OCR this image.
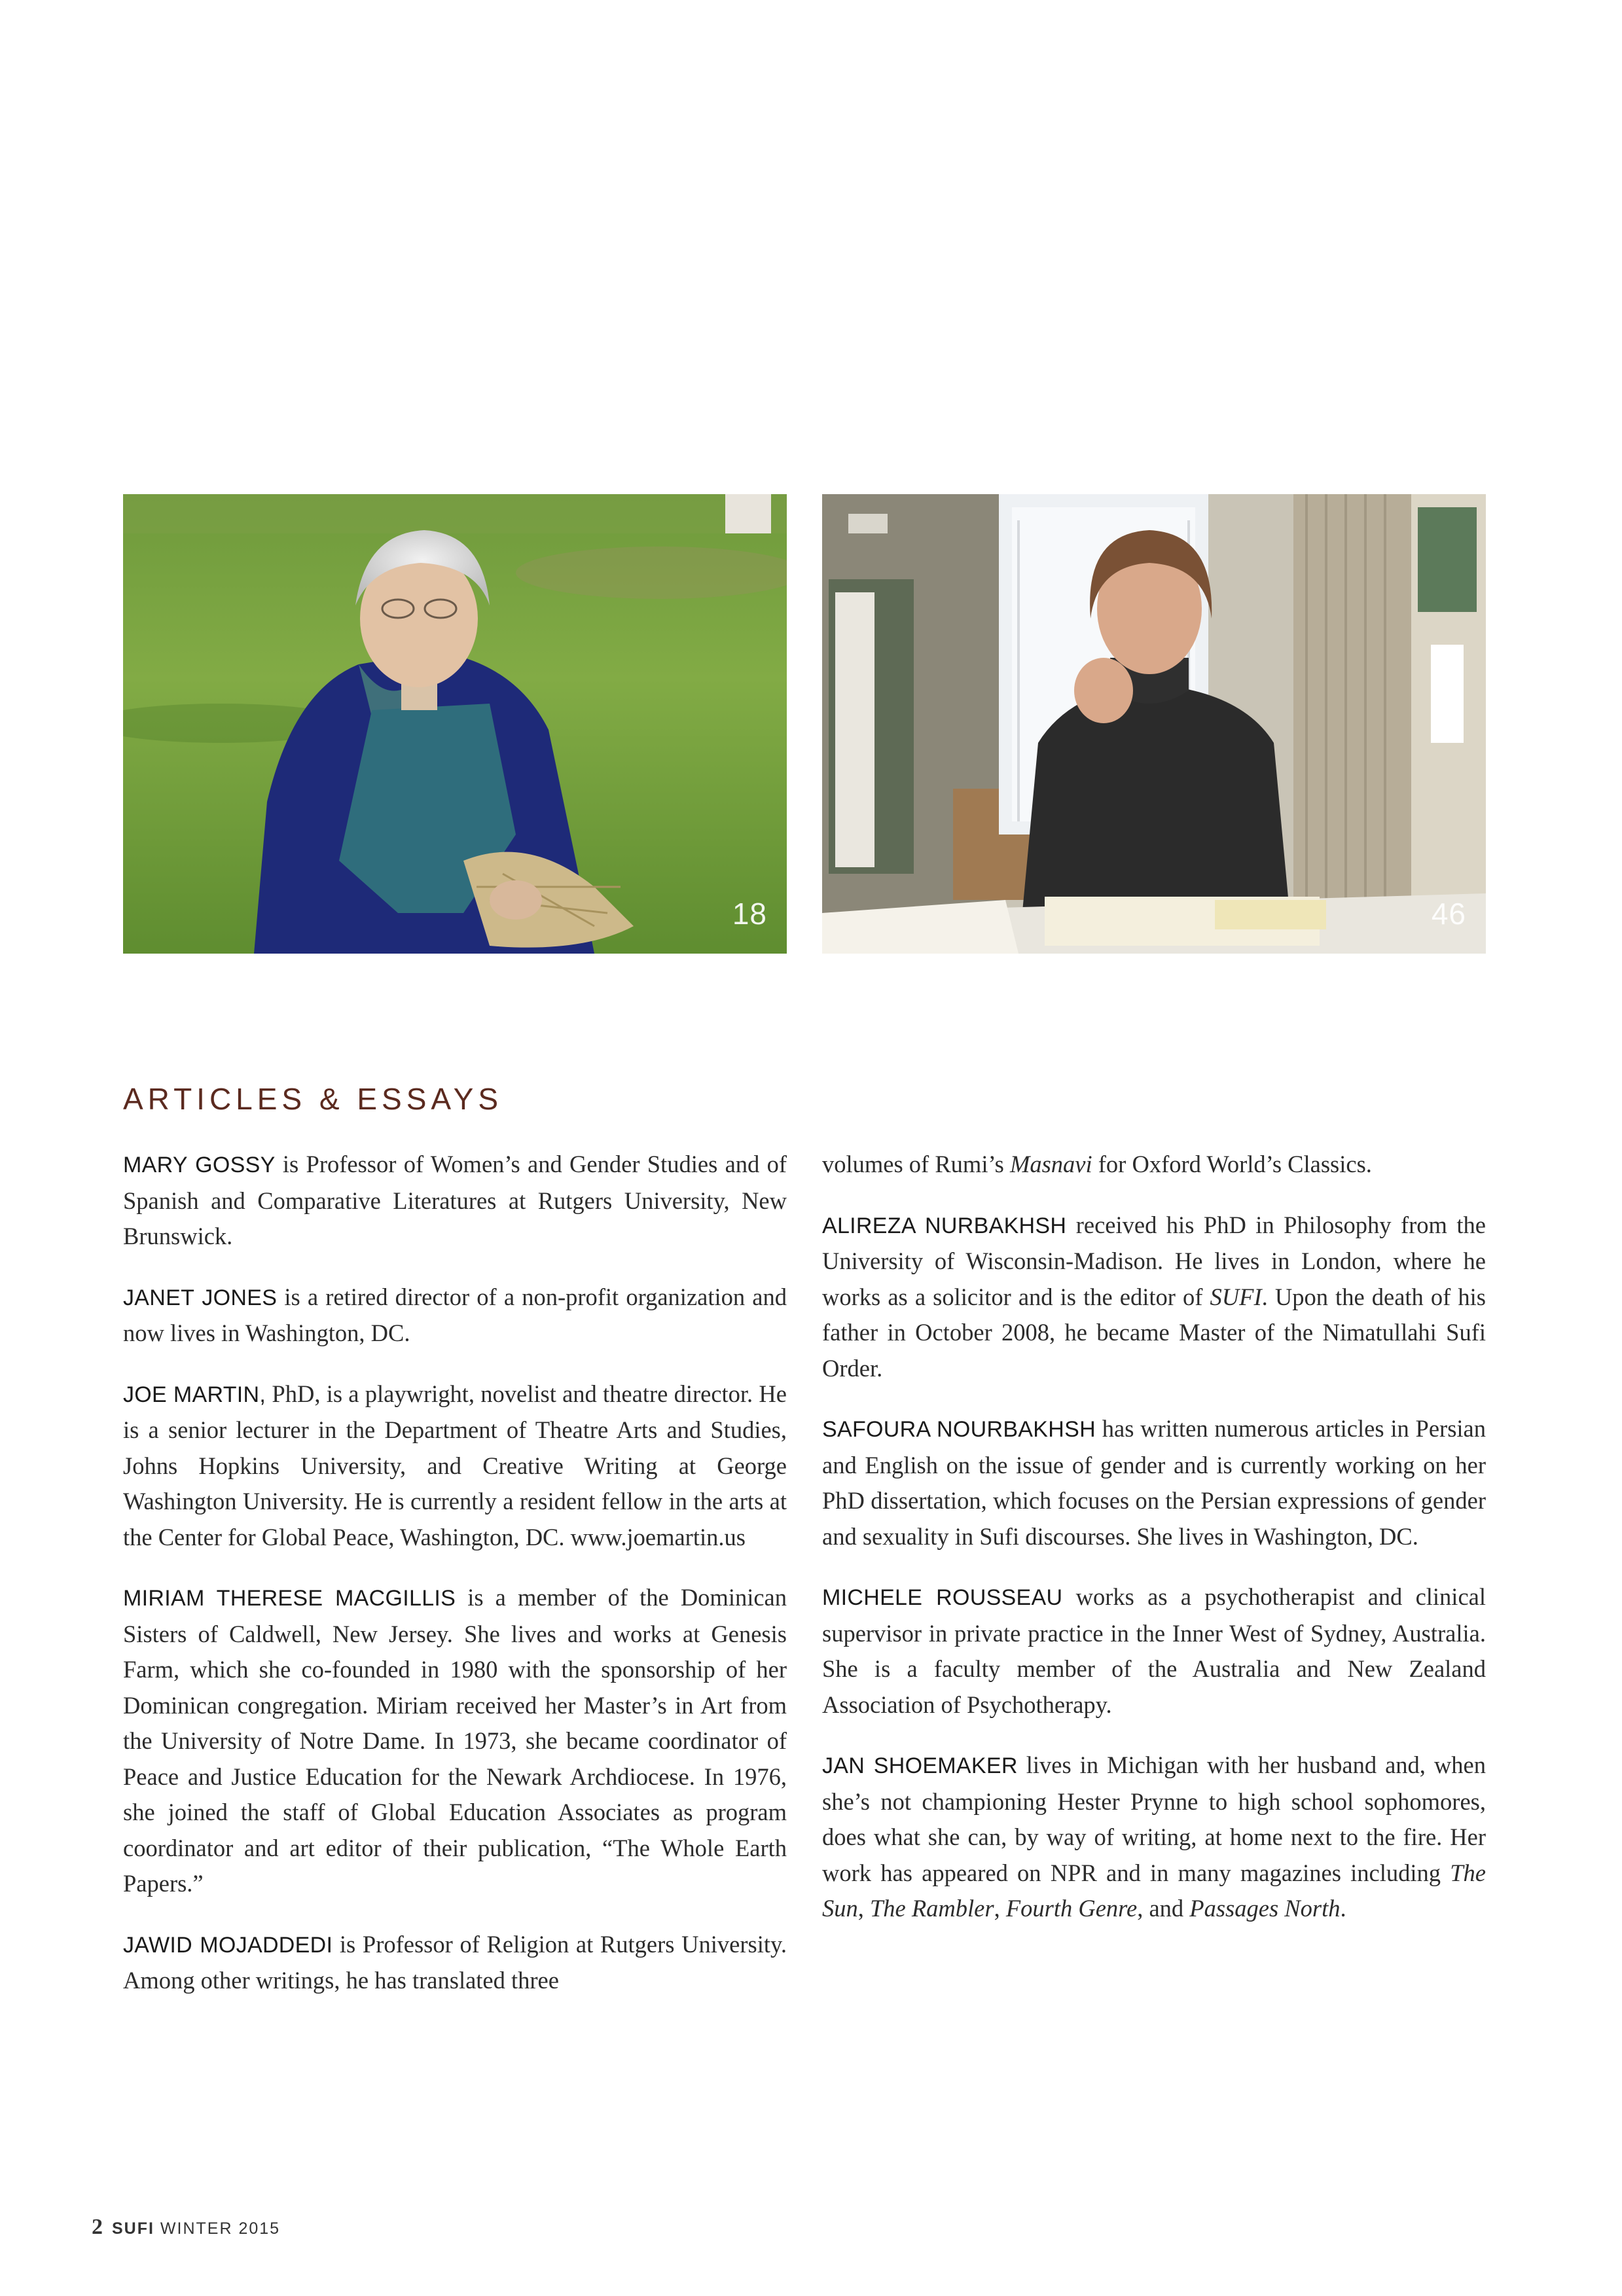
18	46
ARTICLES & ESSAYS

MARY GOSSY is Professor of Women’s and Gender Studies and of Spanish and Comparative Literatures at Rutgers University, New Brunswick.

JANET JONES is a retired director of a non-profit organization and now lives in Washington, DC.

JOE MARTIN, PhD, is a playwright, novelist and theatre director. He is a senior lecturer in the Department of Theatre Arts and Studies, Johns Hopkins University, and Creative Writing at George Washington University. He is currently a resident fellow in the arts at the Center for Global Peace, Washington, DC. www.joemartin.us

MIRIAM THERESE MACGILLIS is a member of the Dominican Sisters of Caldwell, New Jersey. She lives and works at Genesis Farm, which she co-founded in 1980 with the sponsorship of her Dominican congregation. Miriam received her Master’s in Art from the University of Notre Dame. In 1973, she became coordinator of Peace and Justice Education for the Newark Archdiocese. In 1976, she joined the staff of Global Education Associates as program coordinator and art editor of their publication, “The Whole Earth Papers.”

JAWID MOJADDEDI is Professor of Religion at Rutgers University. Among other writings, he has translated three

volumes of Rumi’s Masnavi for Oxford World’s Classics.

ALIREZA NURBAKHSH received his PhD in Philosophy from the University of Wisconsin-Madison. He lives in London, where he works as a solicitor and is the editor of SUFI. Upon the death of his father in October 2008, he became Master of the Nimatullahi Sufi Order.

SAFOURA NOURBAKHSH has written numerous articles in Persian and English on the issue of gender and is currently working on her PhD dissertation, which focuses on the Persian expressions of gender and sexuality in Sufi discourses. She lives in Washington, DC.

MICHELE ROUSSEAU works as a psychotherapist and clinical supervisor in private practice in the Inner West of Sydney, Australia. She is a faculty member of the Australia and New Zealand Association of Psychotherapy.

JAN SHOEMAKER lives in Michigan with her husband and, when she’s not championing Hester Prynne to high school sophomores, does what she can, by way of writing, at home next to the fire. Her work has appeared on NPR and in many magazines including The Sun, The Rambler, Fourth Genre, and Passages North.

2 SUFI WINTER 2015
